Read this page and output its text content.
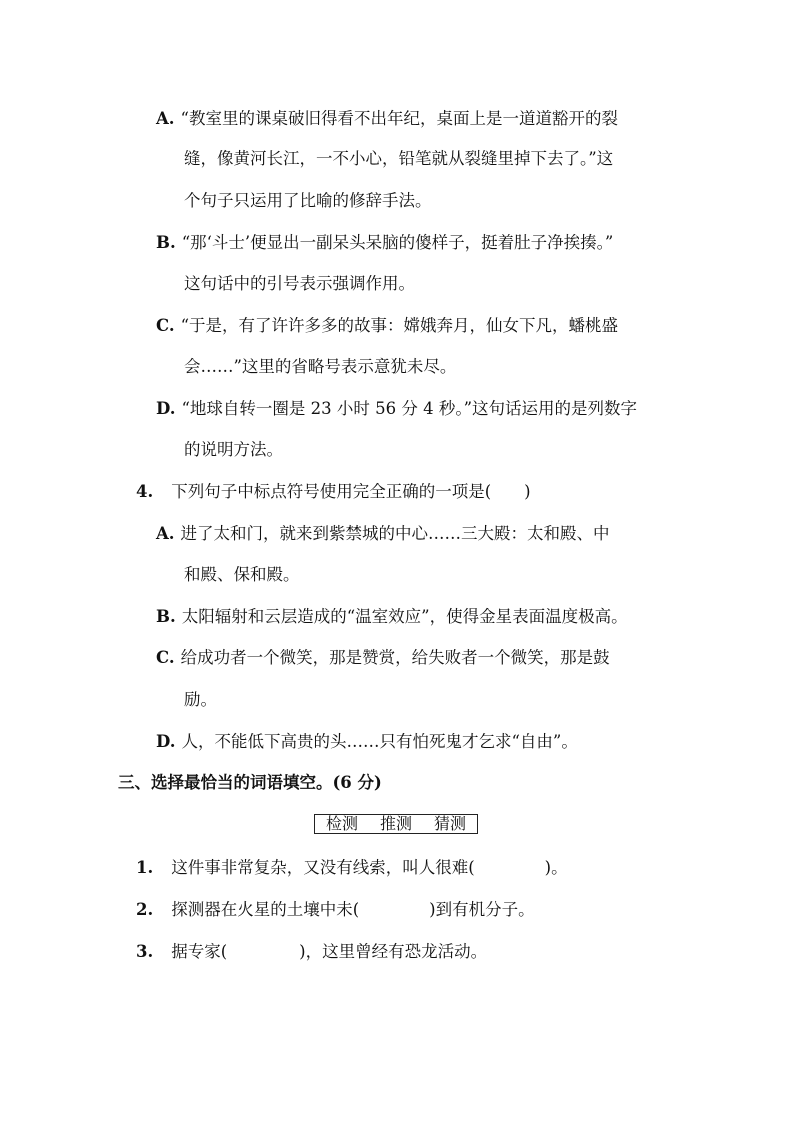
A. “教室里的课桌破旧得看不出年纪，桌面上是一道道豁开的裂
缝，像黄河长江，一不小心，铅笔就从裂缝里掉下去了。”这
个句子只运用了比喻的修辞手法。
B. “那‘斗士’便显出一副呆头呆脑的傻样子，挺着肚子净挨揍。”
这句话中的引号表示强调作用。
C. “于是，有了许许多多的故事：嫦娥奔月，仙女下凡，蟠桃盛
会……”这里的省略号表示意犹未尽。
D. “地球自转一圈是 23 小时 56 分 4 秒。”这句话运用的是列数字
的说明方法。
4. 下列句子中标点符号使用完全正确的一项是(　　)
A. 进了太和门，就来到紫禁城的中心……三大殿：太和殿、中
和殿、保和殿。
B. 太阳辐射和云层造成的“温室效应”，使得金星表面温度极高。
C. 给成功者一个微笑，那是赞赏，给失败者一个微笑，那是鼓
励。
D. 人，不能低下高贵的头……只有怕死鬼才乞求“自由”。
三、选择最恰当的词语填空。(6 分)
检测 推测 猜测
1. 这件事非常复杂，又没有线索，叫人很难(	)。
2. 探测器在火星的土壤中未(	)到有机分子。
3. 据专家(	)，这里曾经有恐龙活动。
